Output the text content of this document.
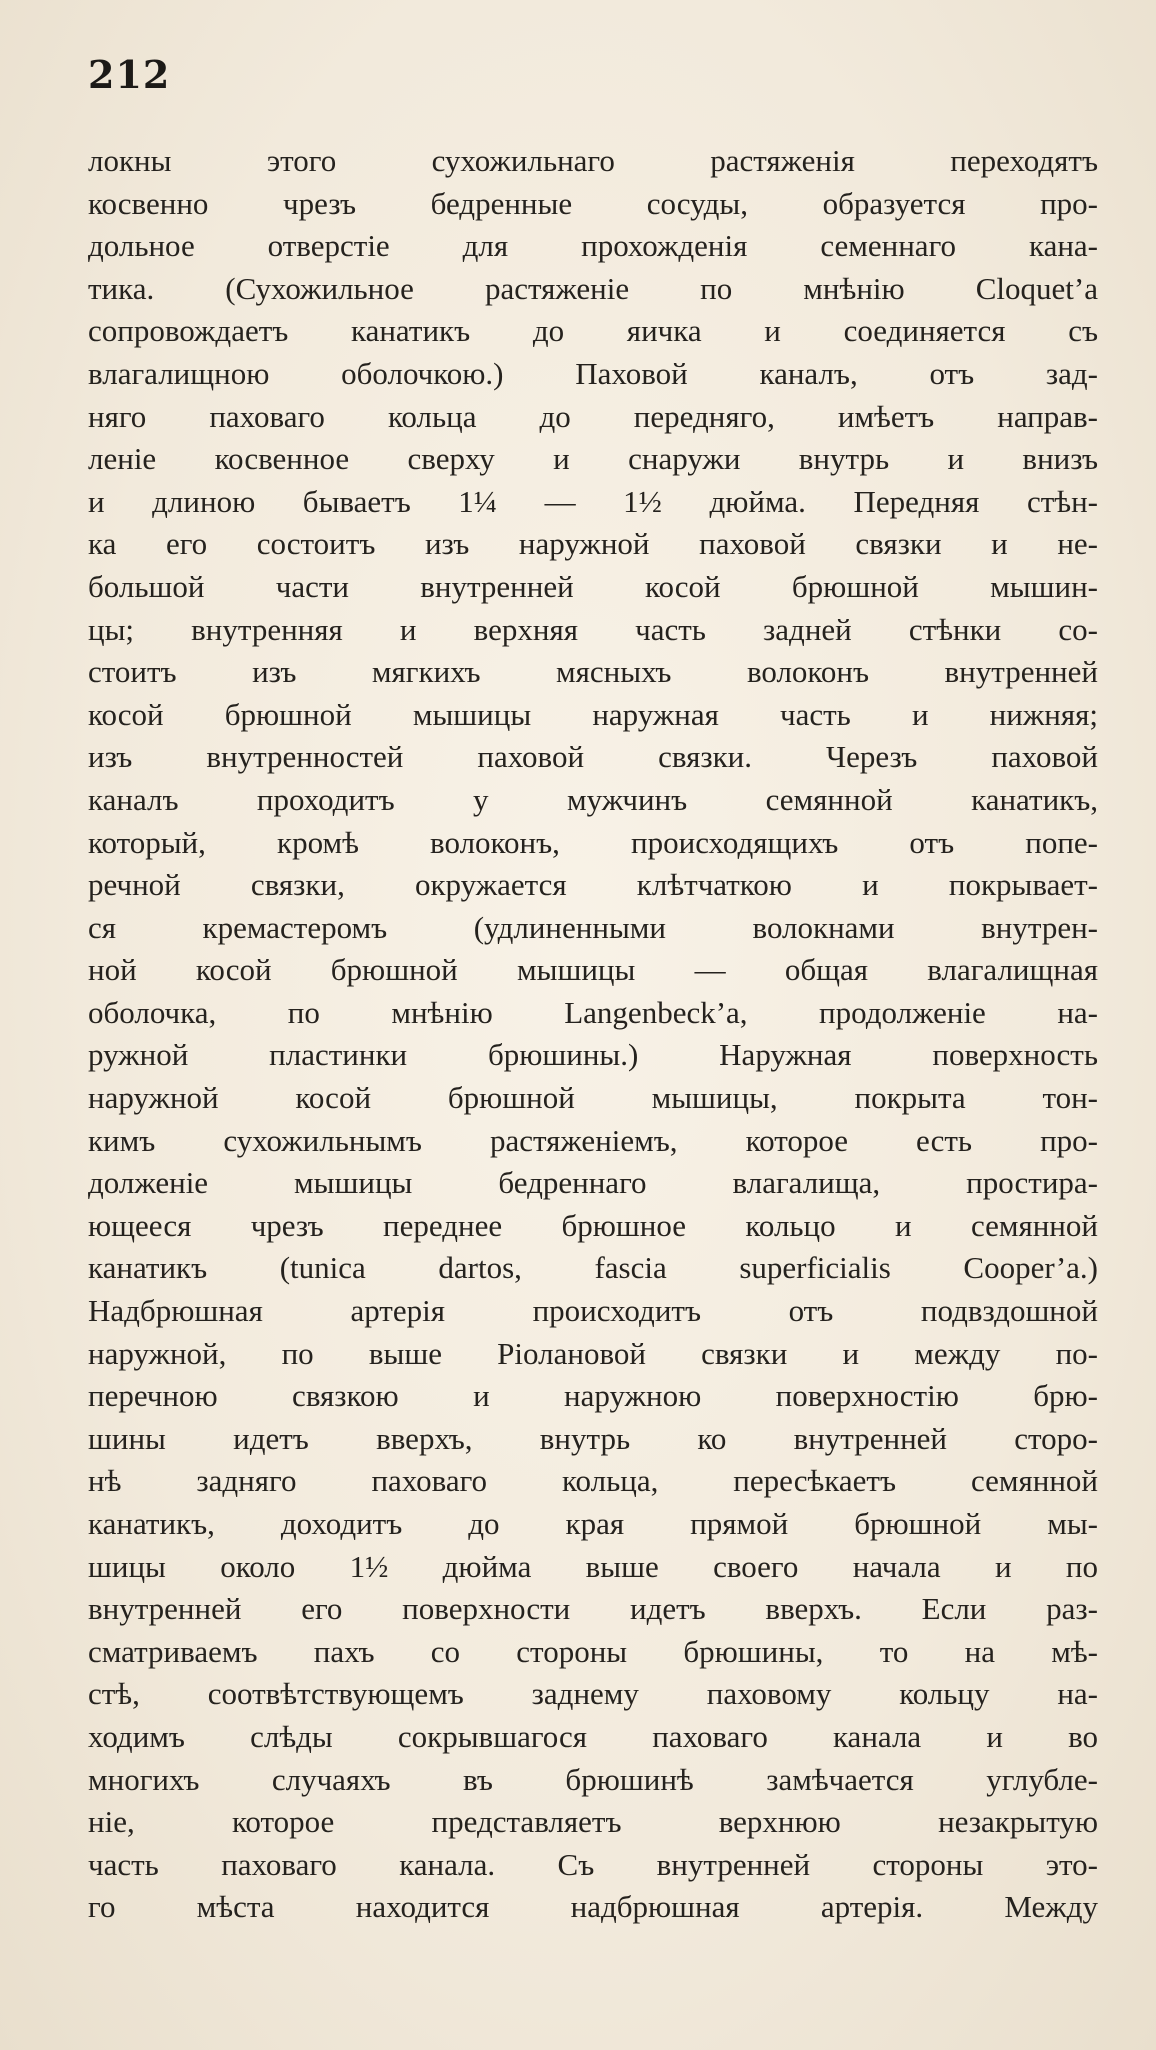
212
локны этого сухожильнаго растяженія переходятъ
косвенно чрезъ бедренные сосуды, образуется про-
дольное отверстіе для прохожденія семеннаго кана-
тика. (Сухожильное растяженіе по мнѣнію Cloquet’a
сопровождаетъ канатикъ до яичка и соединяется съ
влагалищною оболочкою.) Паховой каналъ, отъ зад-
няго паховаго кольца до передняго, имѣетъ направ-
леніе косвенное сверху и снаружи внутрь и внизъ
и длиною бываетъ 1¼ — 1½ дюйма. Передняя стѣн-
ка его состоитъ изъ наружной паховой связки и не-
большой части внутренней косой брюшной мышин-
цы; внутренняя и верхняя часть задней стѣнки со-
стоитъ изъ мягкихъ мясныхъ волоконъ внутренней
косой брюшной мышицы наружная часть и нижняя;
изъ внутренностей паховой связки. Черезъ паховой
каналъ проходитъ у мужчинъ семянной канатикъ,
который, кромѣ волоконъ, происходящихъ отъ попе-
речной связки, окружается клѣтчаткою и покрывает-
ся кремастеромъ (удлиненными волокнами внутрен-
ной косой брюшной мышицы — общая влагалищная
оболочка, по мнѣнію Langenbeck’a, продолженіе на-
ружной пластинки брюшины.) Наружная поверхность
наружной косой брюшной мышицы, покрыта тон-
кимъ сухожильнымъ растяженіемъ, которое есть про-
долженіе мышицы бедреннаго влагалища, простира-
ющееся чрезъ переднее брюшное кольцо и семянной
канатикъ (tunica dartos, fascia superficialis Cooper’a.)
Надбрюшная артерія происходитъ отъ подвздошной
наружной, по выше Ріолановой связки и между по-
перечною связкою и наружною поверхностію брю-
шины идетъ вверхъ, внутрь ко внутренней сторо-
нѣ задняго паховаго кольца, пересѣкаетъ семянной
канатикъ, доходитъ до края прямой брюшной мы-
шицы около 1½ дюйма выше своего начала и по
внутренней его поверхности идетъ вверхъ. Если раз-
сматриваемъ пахъ со стороны брюшины, то на мѣ-
стѣ, соотвѣтствующемъ заднему паховому кольцу на-
ходимъ слѣды сокрывшагося паховаго канала и во
многихъ случаяхъ въ брюшинѣ замѣчается углубле-
ніе, которое представляетъ верхнюю незакрытую
часть паховаго канала. Съ внутренней стороны это-
го мѣста находится надбрюшная артерія. Между
